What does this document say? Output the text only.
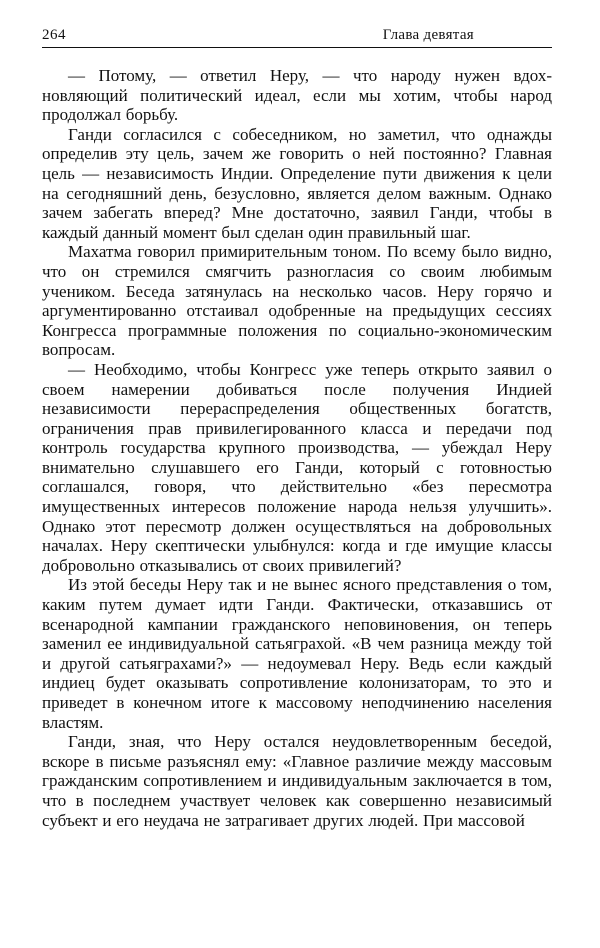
264	Глава девятая

— Потому, — ответил Неру, — что народу нужен вдохновляющий политический идеал, если мы хотим, чтобы народ продолжал борьбу.

Ганди согласился с собеседником, но заметил, что однажды определив эту цель, зачем же говорить о ней постоянно? Главная цель — независимость Индии. Определение пути движения к цели на сегодняшний день, безусловно, является делом важным. Однако зачем забегать вперед? Мне достаточно, заявил Ганди, чтобы в каждый данный момент был сделан один правильный шаг.

Махатма говорил примирительным тоном. По всему было видно, что он стремился смягчить разногласия со своим любимым учеником. Беседа затянулась на несколько часов. Неру горячо и аргументированно отстаивал одобренные на предыдущих сессиях Конгресса программные положения по социально-экономическим вопросам.

— Необходимо, чтобы Конгресс уже теперь открыто заявил о своем намерении добиваться после получения Индией независимости перераспределения общественных богатств, ограничения прав привилегированного класса и передачи под контроль государства крупного производства, — убеждал Неру внимательно слушавшего его Ганди, который с готовностью соглашался, говоря, что действительно «без пересмотра имущественных интересов положение народа нельзя улучшить». Однако этот пересмотр должен осуществляться на добровольных началах. Неру скептически улыбнулся: когда и где имущие классы добровольно отказывались от своих привилегий?

Из этой беседы Неру так и не вынес ясного представления о том, каким путем думает идти Ганди. Фактически, отказавшись от всенародной кампании гражданского неповиновения, он теперь заменил ее индивидуальной сатьяграхой. «В чем разница между той и другой сатьяграхами?» — недоумевал Неру. Ведь если каждый индиец будет оказывать сопротивление колонизаторам, то это и приведет в конечном итоге к массовому неподчинению населения властям.

Ганди, зная, что Неру остался неудовлетворенным беседой, вскоре в письме разъяснял ему: «Главное различие между массовым гражданским сопротивлением и индивидуальным заключается в том, что в последнем участвует человек как совершенно независимый субъект и его неудача не затрагивает других людей. При массовой
